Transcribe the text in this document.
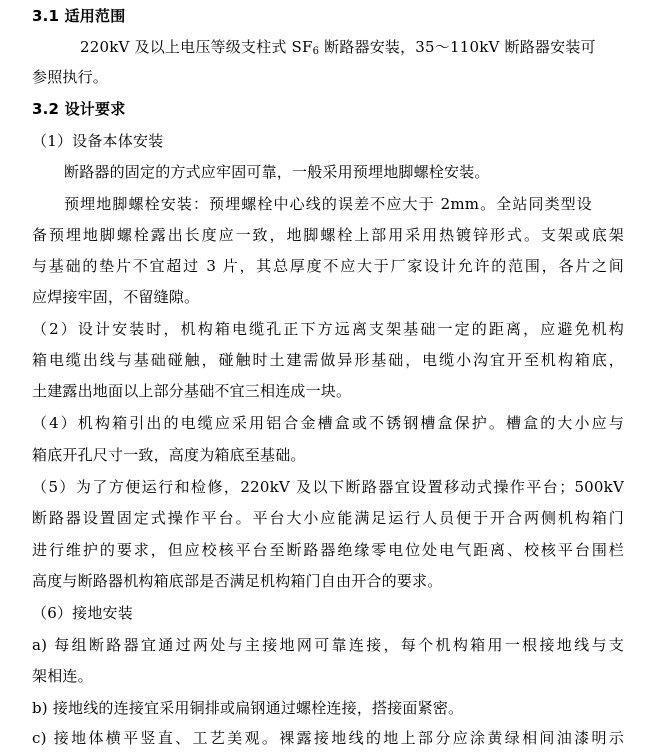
3.1 适用范围
220kV 及以上电压等级支柱式 $SF_6$ 断路器安装，35～110kV 断路器安装可
参照执行。
3.2 设计要求
（1）设备本体安装
断路器的固定的方式应牢固可靠，一般采用预埋地脚螺栓安装。
预埋地脚螺栓安装：预埋螺栓中心线的误差不应大于 2mm。全站同类型设
备预埋地脚螺栓露出长度应一致，地脚螺栓上部用采用热镀锌形式。支架或底架
与基础的垫片不宜超过 3 片，其总厚度不应大于厂家设计允许的范围，各片之间
应焊接牢固，不留缝隙。
（2）设计安装时，机构箱电缆孔正下方远离支架基础一定的距离，应避免机构
箱电缆出线与基础碰触，碰触时土建需做异形基础，电缆小沟宜开至机构箱底，
土建露出地面以上部分基础不宜三相连成一块。
（4）机构箱引出的电缆应采用铝合金槽盒或不锈钢槽盒保护。槽盒的大小应与
箱底开孔尺寸一致，高度为箱底至基础。
（5）为了方便运行和检修，220kV 及以下断路器宜设置移动式操作平台；500kV
断路器设置固定式操作平台。平台大小应能满足运行人员便于开合两侧机构箱门
进行维护的要求，但应校核平台至断路器绝缘零电位处电气距离、校核平台围栏
高度与断路器机构箱底部是否满足机构箱门自由开合的要求。
（6）接地安装
a) 每组断路器宜通过两处与主接地网可靠连接，每个机构箱用一根接地线与支
架相连。
b) 接地线的连接宜采用铜排或扁钢通过螺栓连接，搭接面紧密。
c) 接地体横平竖直、工艺美观。裸露接地线的地上部分应涂黄绿相间油漆明示
